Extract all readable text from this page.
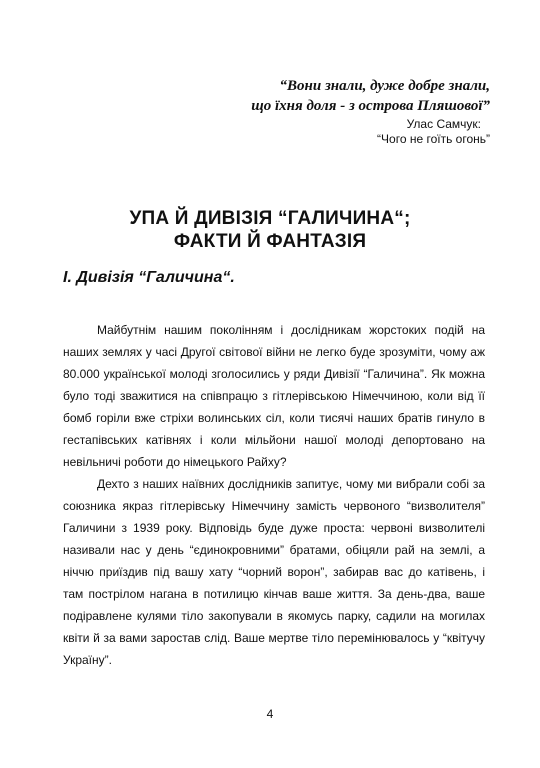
“Вони знали, дуже добре знали,

що їхня доля - з острова Пляшової”

Улас Самчук:

“Чого не гоїть огонь”

УПА Й ДИВІЗІЯ “ГАЛИЧИНА“;
ФАКТИ Й ФАНТАЗІЯ
І. Дивізія “Галичина“.

Майбутнім нашим поколінням і дослідникам жорстоких подій на наших землях у часі Другої світової війни не легко буде зрозуміти, чому аж 80.000 української молоді зголосились у ряди Дивізії “Галичина”. Як можна було тоді зважитися на співпрацю з гітлерівською Німеччиною, коли від її бомб горіли вже стріхи волинських сіл, коли тисячі наших братів гинуло в гестапівських катівнях і коли мільйони нашої молоді депортовано на невільничі роботи до німецького Райху?

Дехто з наших наївних дослідників запитує, чому ми вибрали собі за союзника якраз гітлерівську Німеччину замість червоного “визволителя” Галичини з 1939 року. Відповідь буде дуже проста: червоні визволителі називали нас у день “єдинокровними” братами, обіцяли рай на землі, а ніччю приїздив під вашу хату “чорний ворон”, забирав вас до катівень, і там пострілом нагана в потилицю кінчав ваше життя. За день-два, ваше подіравлене кулями тіло закопували в якомусь парку, садили на могилах квіти й за вами заростав слід. Ваше мертве тіло перемінювалось у “квітучу Україну”.

4
